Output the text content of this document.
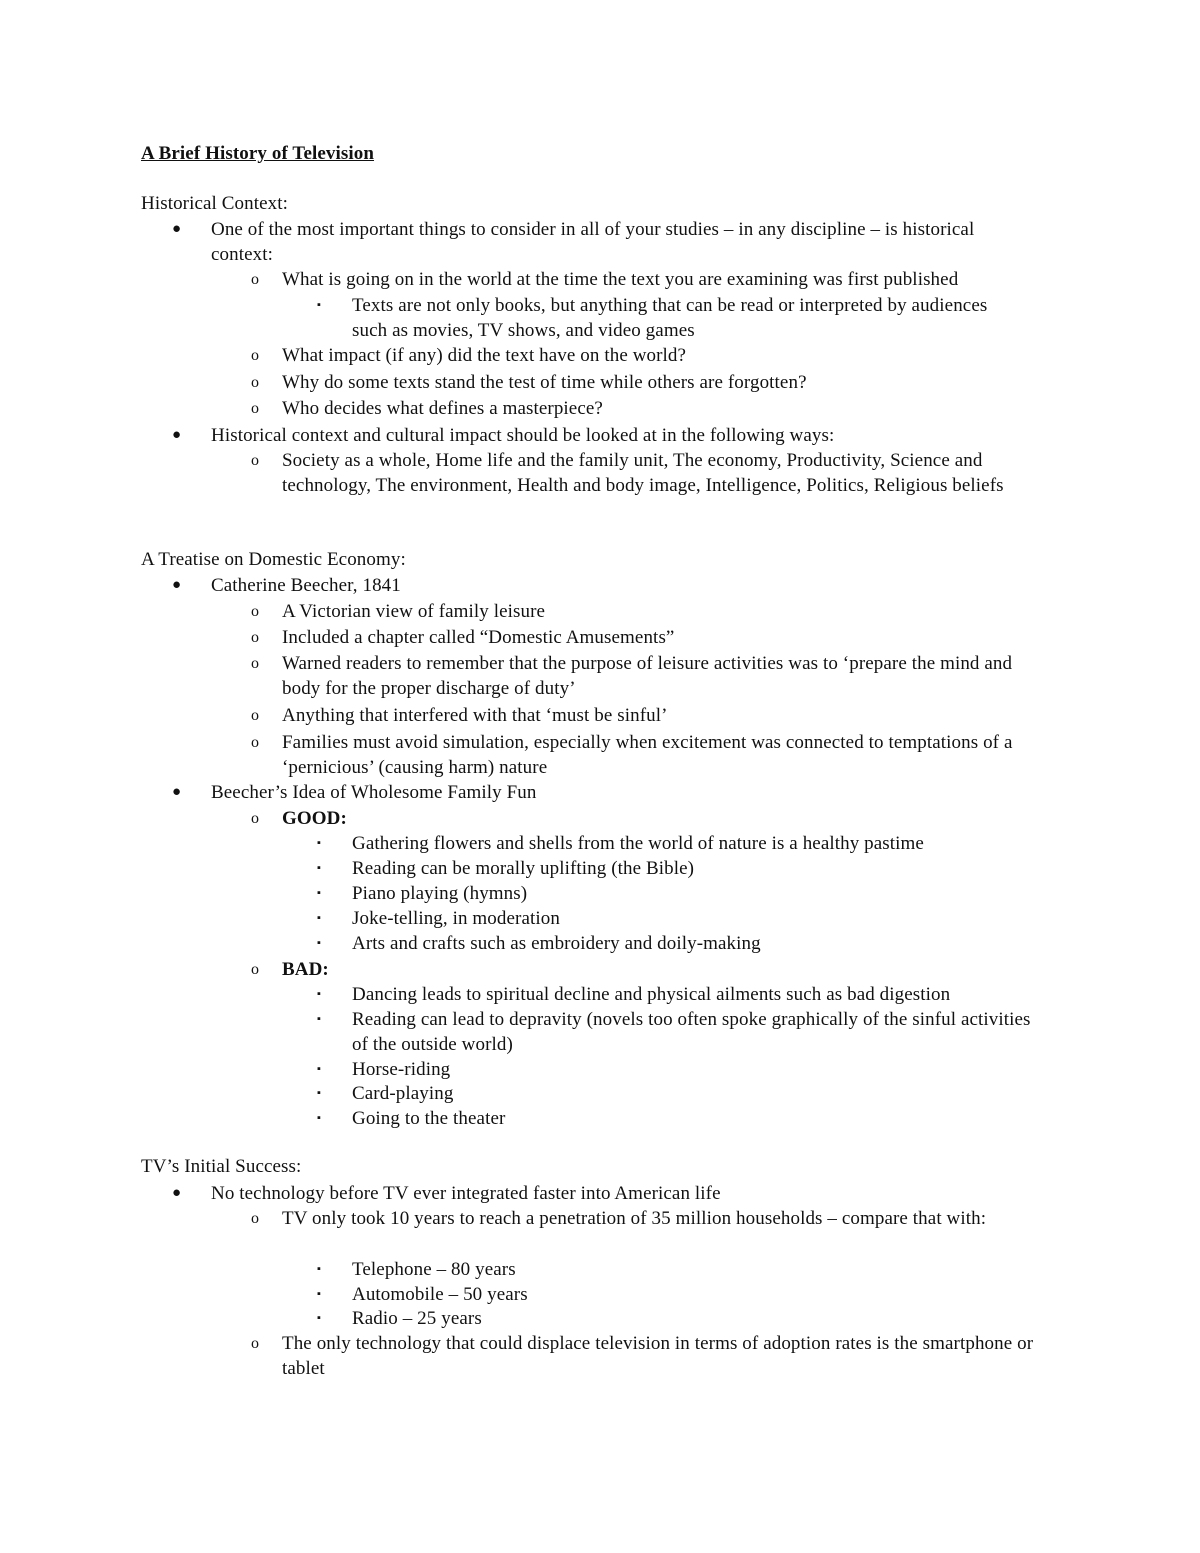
A Brief History of Television
Historical Context:
● One of the most important things to consider in all of your studies – in any discipline – is historical context:
o What is going on in the world at the time the text you are examining was first published
▪ Texts are not only books, but anything that can be read or interpreted by audiences such as movies, TV shows, and video games
o What impact (if any) did the text have on the world?
o Why do some texts stand the test of time while others are forgotten?
o Who decides what defines a masterpiece?
● Historical context and cultural impact should be looked at in the following ways:
o Society as a whole, Home life and the family unit, The economy, Productivity, Science and technology, The environment, Health and body image, Intelligence, Politics, Religious beliefs
A Treatise on Domestic Economy:
● Catherine Beecher, 1841
o A Victorian view of family leisure
o Included a chapter called “Domestic Amusements”
o Warned readers to remember that the purpose of leisure activities was to ‘prepare the mind and body for the proper discharge of duty’
o Anything that interfered with that ‘must be sinful’
o Families must avoid simulation, especially when excitement was connected to temptations of a ‘pernicious’ (causing harm) nature
● Beecher’s Idea of Wholesome Family Fun
o GOOD:
▪ Gathering flowers and shells from the world of nature is a healthy pastime
▪ Reading can be morally uplifting (the Bible)
▪ Piano playing (hymns)
▪ Joke-telling, in moderation
▪ Arts and crafts such as embroidery and doily-making
o BAD:
▪ Dancing leads to spiritual decline and physical ailments such as bad digestion
▪ Reading can lead to depravity (novels too often spoke graphically of the sinful activities of the outside world)
▪ Horse-riding
▪ Card-playing
▪ Going to the theater
TV’s Initial Success:
● No technology before TV ever integrated faster into American life
o TV only took 10 years to reach a penetration of 35 million households – compare that with:
▪ Telephone – 80 years
▪ Automobile – 50 years
▪ Radio – 25 years
o The only technology that could displace television in terms of adoption rates is the smartphone or tablet
